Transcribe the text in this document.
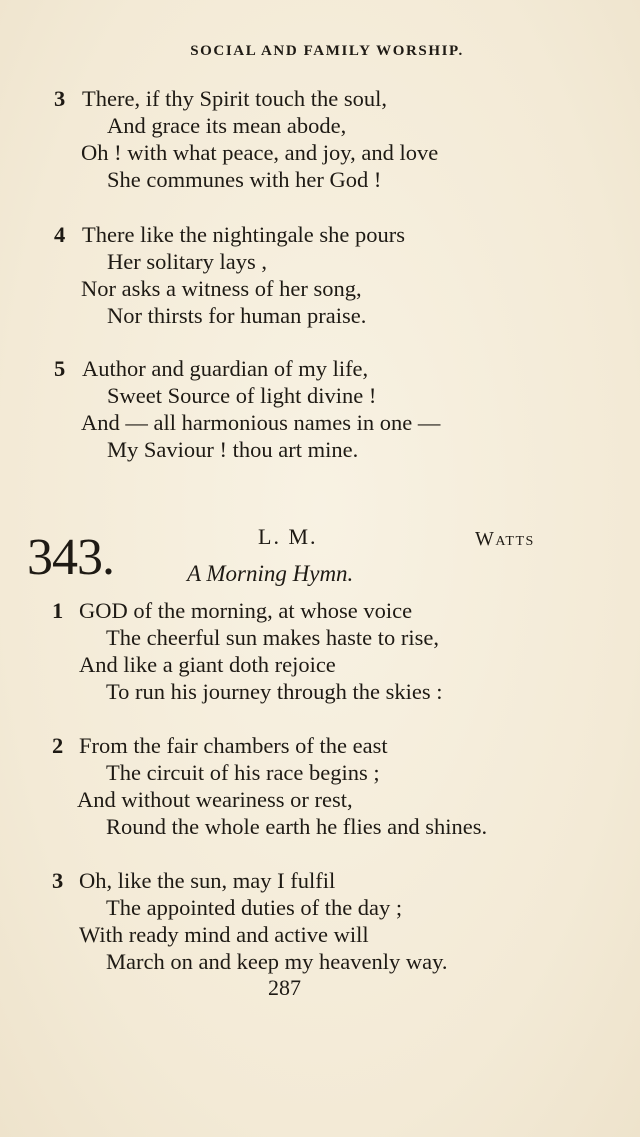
SOCIAL AND FAMILY WORSHIP.
3 There, if thy Spirit touch the soul,
And grace its mean abode,
Oh ! with what peace, and joy, and love
She communes with her God !
4 There like the nightingale she pours
Her solitary lays ,
Nor asks a witness of her song,
Nor thirsts for human praise.
5 Author and guardian of my life,
Sweet Source of light divine !
And — all harmonious names in one —
My Saviour ! thou art mine.
343.	L. M.	Watts
A Morning Hymn.
1 GOD of the morning, at whose voice
The cheerful sun makes haste to rise,
And like a giant doth rejoice
To run his journey through the skies :
2 From the fair chambers of the east
The circuit of his race begins ;
And without weariness or rest,
Round the whole earth he flies and shines.
3 Oh, like the sun, may I fulfil
The appointed duties of the day ;
With ready mind and active will
March on and keep my heavenly way.
287
